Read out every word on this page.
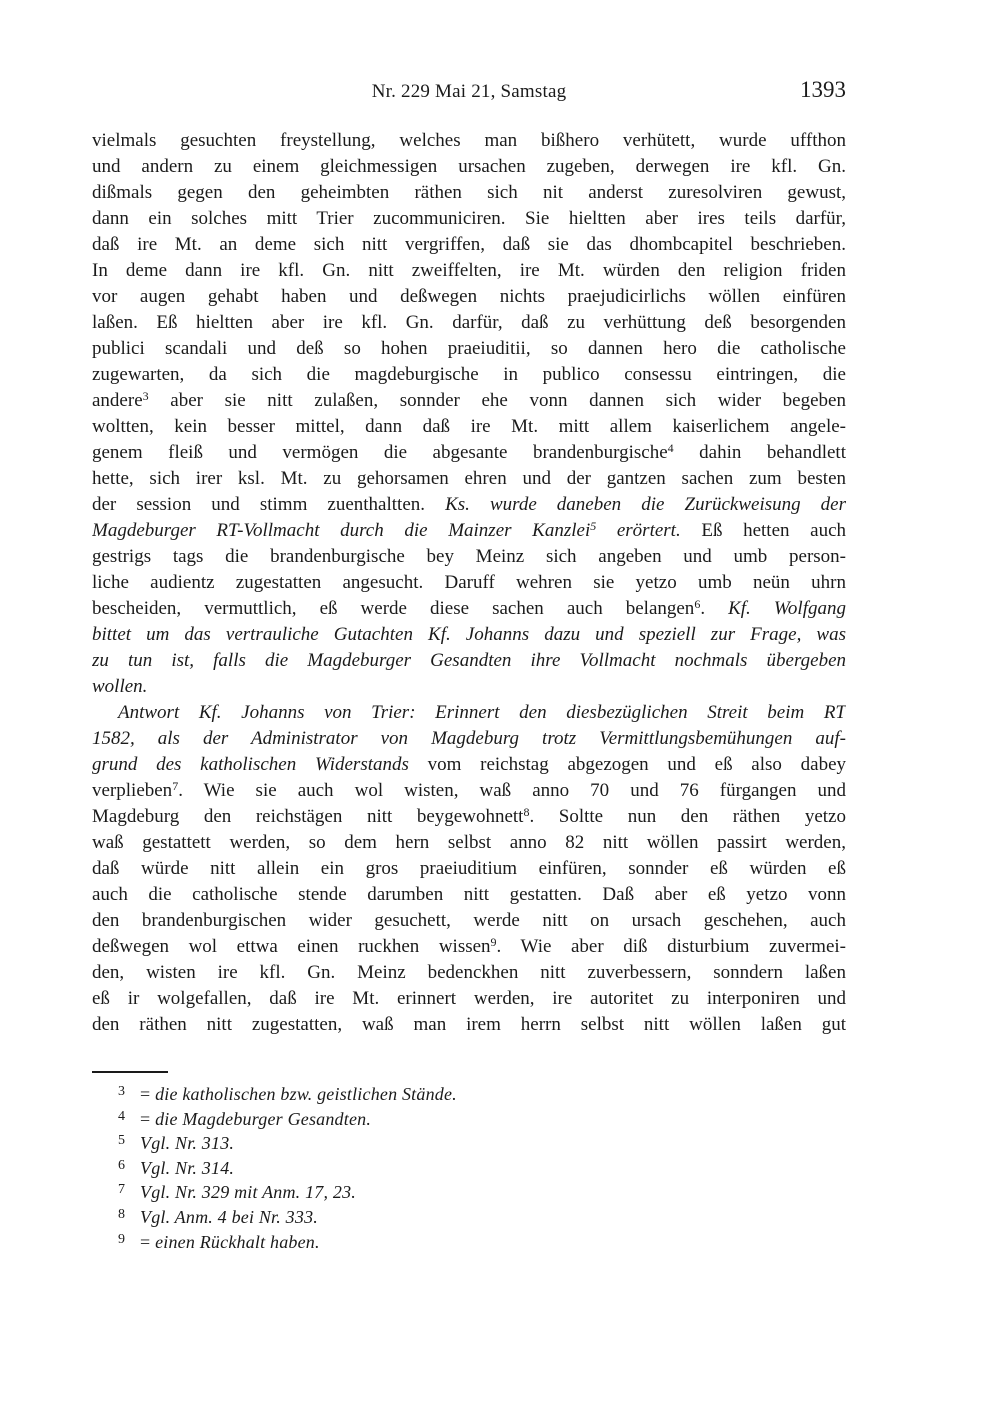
Nr. 229 Mai 21, Samstag	1393
vielmals gesuchten freystellung, welches man bißhero verhütett, wurde uffthon
und andern zu einem gleichmessigen ursachen zugeben, derwegen ire kfl. Gn.
dißmals gegen den geheimbten räthen sich nit anderst zuresolviren gewust,
dann ein solches mitt Trier zucommuniciren. Sie hieltten aber ires teils darfür,
daß ire Mt. an deme sich nitt vergriffen, daß sie das dhombcapitel beschrieben.
In deme dann ire kfl. Gn. nitt zweiffelten, ire Mt. würden den religion friden
vor augen gehabt haben und deßwegen nichts praejudicirlichs wöllen einfüren
laßen. Eß hieltten aber ire kfl. Gn. darfür, daß zu verhüttung deß besorgenden
publici scandali und deß so hohen praeiuditii, so dannen hero die catholische
zugewarten, da sich die magdeburgische in publico consessu eintringen, die
andere$^3$ aber sie nitt zulaßen, sonnder ehe vonn dannen sich wider begeben
woltten, kein besser mittel, dann daß ire Mt. mitt allem kaiserlichem angele-
genem fleiß und vermögen die abgesante brandenburgische$^4$ dahin behandlett
hette, sich irer ksl. Mt. zu gehorsamen ehren und der gantzen sachen zum besten
der session und stimm zuenthaltten. Ks. wurde daneben die Zurückweisung der
Magdeburger RT-Vollmacht durch die Mainzer Kanzlei$^5$ erörtert. Eß hetten auch
gestrigs tags die brandenburgische bey Meinz sich angeben und umb person-
liche audientz zugestatten angesucht. Daruff wehren sie yetzo umb neün uhrn
bescheiden, vermuttlich, eß werde diese sachen auch belangen$^6$. Kf. Wolfgang
bittet um das vertrauliche Gutachten Kf. Johanns dazu und speziell zur Frage, was
zu tun ist, falls die Magdeburger Gesandten ihre Vollmacht nochmals übergeben
wollen.
Antwort Kf. Johanns von Trier: Erinnert den diesbezüglichen Streit beim RT
1582, als der Administrator von Magdeburg trotz Vermittlungsbemühungen auf-
grund des katholischen Widerstands vom reichstag abgezogen und eß also dabey
verplieben$^7$. Wie sie auch wol wisten, waß anno 70 und 76 fürgangen und
Magdeburg den reichstägen nitt beygewohnett$^8$. Soltte nun den räthen yetzo
waß gestattett werden, so dem hern selbst anno 82 nitt wöllen passirt werden,
daß würde nitt allein ein gros praeiuditium einfüren, sonnder eß würden eß
auch die catholische stende darumben nitt gestatten. Daß aber eß yetzo vonn
den brandenburgischen wider gesuchett, werde nitt on ursach geschehen, auch
deßwegen wol ettwa einen ruckhen wissen$^9$. Wie aber diß disturbium zuvermei-
den, wisten ire kfl. Gn. Meinz bedenckhen nitt zuverbessern, sonndern laßen
eß ir wolgefallen, daß ire Mt. erinnert werden, ire autoritet zu interponiren und
den räthen nitt zugestatten, waß man irem herrn selbst nitt wöllen laßen gut
3 = die katholischen bzw. geistlichen Stände.
4 = die Magdeburger Gesandten.
5 Vgl. Nr. 313.
6 Vgl. Nr. 314.
7 Vgl. Nr. 329 mit Anm. 17, 23.
8 Vgl. Anm. 4 bei Nr. 333.
9 = einen Rückhalt haben.
